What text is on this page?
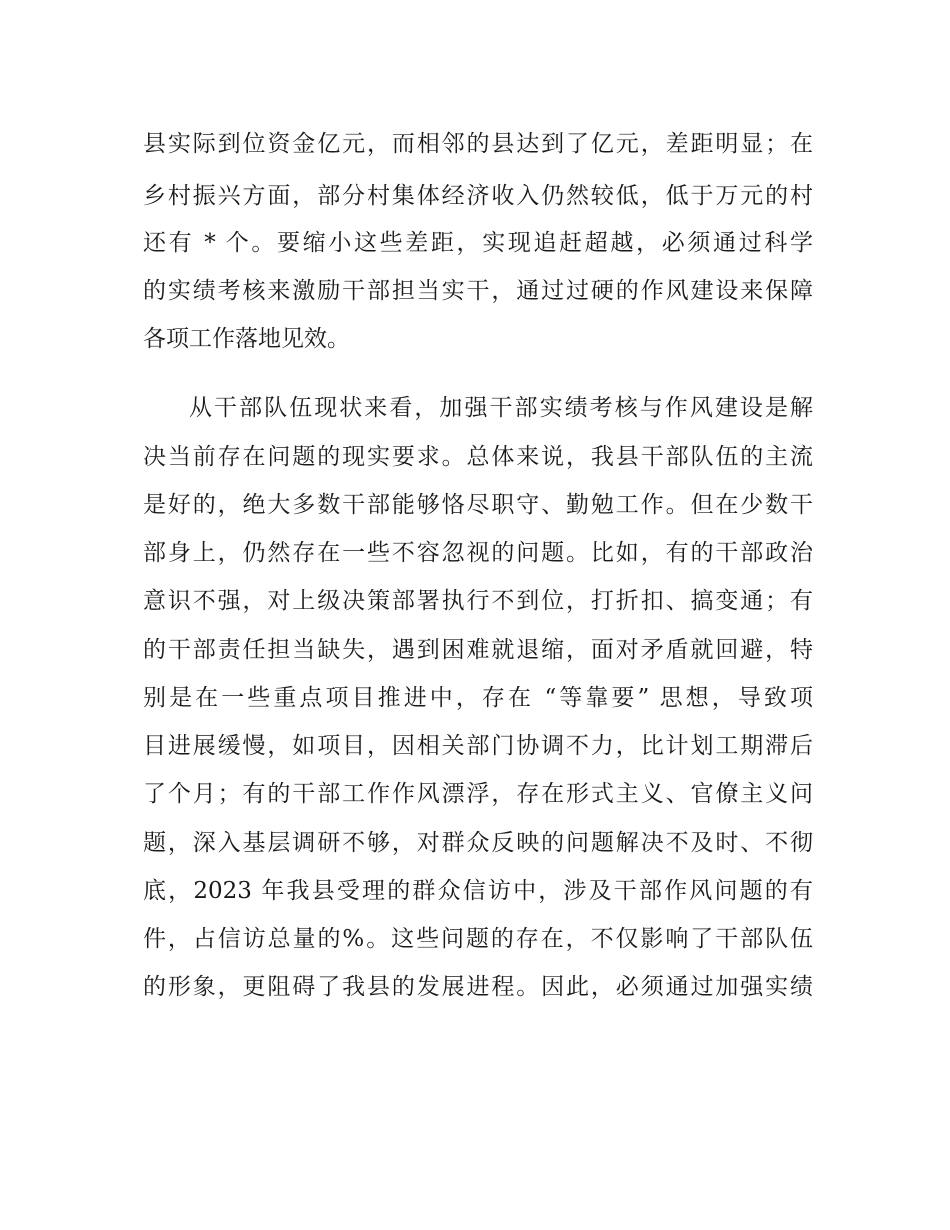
县实际到位资金亿元，而相邻的县达到了亿元，差距明显；在
乡村振兴方面，部分村集体经济收入仍然较低，低于万元的村
还有 * 个。要缩小这些差距，实现追赶超越，必须通过科学
的实绩考核来激励干部担当实干，通过过硬的作风建设来保障
各项工作落地见效。
从干部队伍现状来看，加强干部实绩考核与作风建设是解
决当前存在问题的现实要求。总体来说，我县干部队伍的主流
是好的，绝大多数干部能够恪尽职守、勤勉工作。但在少数干
部身上，仍然存在一些不容忽视的问题。比如，有的干部政治
意识不强，对上级决策部署执行不到位，打折扣、搞变通；有
的干部责任担当缺失，遇到困难就退缩，面对矛盾就回避，特
别是在一些重点项目推进中，存在 “等靠要” 思想，导致项
目进展缓慢，如项目，因相关部门协调不力，比计划工期滞后
了个月；有的干部工作作风漂浮，存在形式主义、官僚主义问
题，深入基层调研不够，对群众反映的问题解决不及时、不彻
底，2023 年我县受理的群众信访中，涉及干部作风问题的有
件，占信访总量的%。这些问题的存在，不仅影响了干部队伍
的形象，更阻碍了我县的发展进程。因此，必须通过加强实绩
